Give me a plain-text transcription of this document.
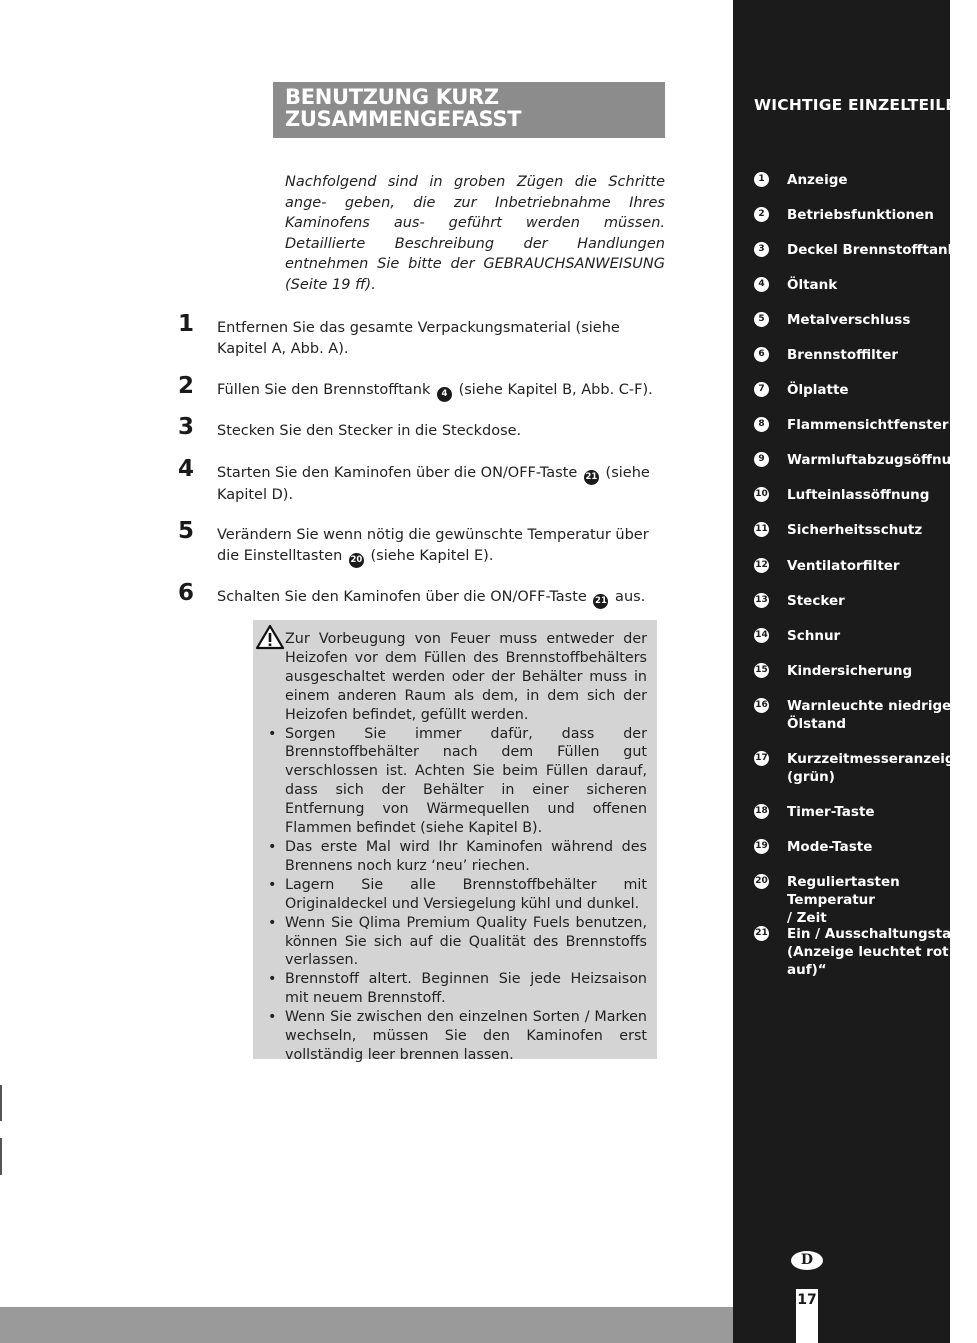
WICHTIGE EINZELTEILE
1	Anzeige
2	Betriebsfunktionen
3	Deckel Brennstofftank
4	Öltank
5	Metalverschluss
6	Brennstoffilter
7	Ölplatte
8	Flammensichtfenster
9	Warmluftabzugsöffnung
10 Lufteinlassöffnung
11 Sicherheitsschutz
12 Ventilatorfilter
13 Stecker
14 Schnur
15 Kindersicherung
16 Warnleuchte niedriger
Ölstand
17 Kurzzeitmesseranzeige
(grün)
18 Timer-Taste
19 Mode-Taste
20 Reguliertasten Temperatur
/ Zeit
21 Ein / Ausschaltungstaste
(Anzeige leuchtet rot
auf)“
D
17
BENUTZUNG KURZ
ZUSAMMENGEFASST
Nachfolgend sind in groben Zügen die Schritte ange- geben, die zur Inbetriebnahme Ihres Kaminofens aus- geführt werden müssen. Detaillierte Beschreibung der Handlungen entnehmen Sie bitte der GEBRAUCHSANWEISUNG (Seite 19 ff).
1 Entfernen Sie das gesamte Verpackungsmaterial (siehe Kapitel A, Abb. A).
2 Füllen Sie den Brennstofftank 4 (siehe Kapitel B, Abb. C-F).
3 Stecken Sie den Stecker in die Steckdose.
4 Starten Sie den Kaminofen über die ON/OFF-Taste 21 (siehe Kapitel D).
5 Verändern Sie wenn nötig die gewünschte Temperatur über die Einstelltasten 20 (siehe Kapitel E).
6 Schalten Sie den Kaminofen über die ON/OFF-Taste 21 aus.

Zur Vorbeugung von Feuer muss entweder der Heizofen vor dem Füllen des Brennstoffbehälters ausgeschaltet werden oder der Behälter muss in einem anderen Raum als dem, in dem sich der Heizofen befindet, gefüllt werden.

• Sorgen Sie immer dafür, dass der Brennstoffbehälter nach dem Füllen gut verschlossen ist. Achten Sie beim Füllen darauf, dass sich der Behälter in einer sicheren Entfernung von Wärmequellen und offenen Flammen befindet (siehe Kapitel B).

• Das erste Mal wird Ihr Kaminofen während des Brennens noch kurz ‘neu’ riechen.

• Lagern Sie alle Brennstoffbehälter mit Originaldeckel und Versiegelung kühl und dunkel.

• Wenn Sie Qlima Premium Quality Fuels benutzen, können Sie sich auf die Qualität des Brennstoffs verlassen.

• Brennstoff altert. Beginnen Sie jede Heizsaison mit neuem Brennstoff.

• Wenn Sie zwischen den einzelnen Sorten / Marken wechseln, müssen Sie den Kaminofen erst vollständig leer brennen lassen.
